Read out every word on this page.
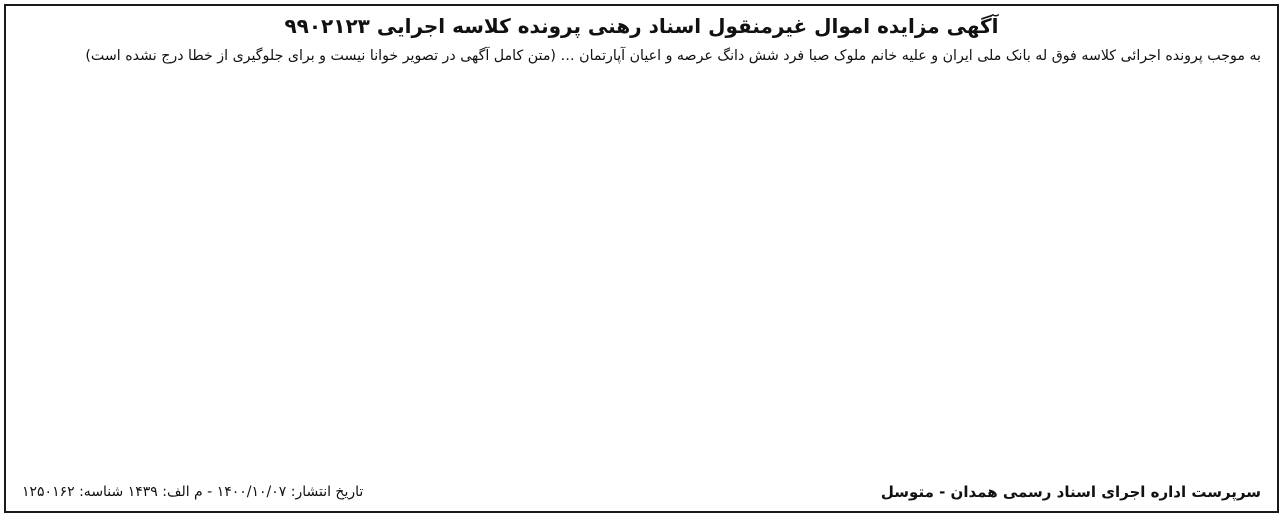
آگهی مزایده اموال غیرمنقول اسناد رهنی پرونده کلاسه اجرایی ۹۹۰۲۱۲۳

به موجب پرونده اجرائی کلاسه فوق له بانک ملی ایران و علیه خانم ملوک صبا فرد شش دانگ عرصه و اعیان آپارتمان … (متن کامل آگهی در تصویر خوانا نیست و برای جلوگیری از خطا درج نشده است)

سرپرست اداره اجرای اسناد رسمی همدان - متوسل
تاریخ انتشار: ۱۴۰۰/۱۰/۰۷ - م الف: ۱۴۳۹ شناسه: ۱۲۵۰۱۶۲
